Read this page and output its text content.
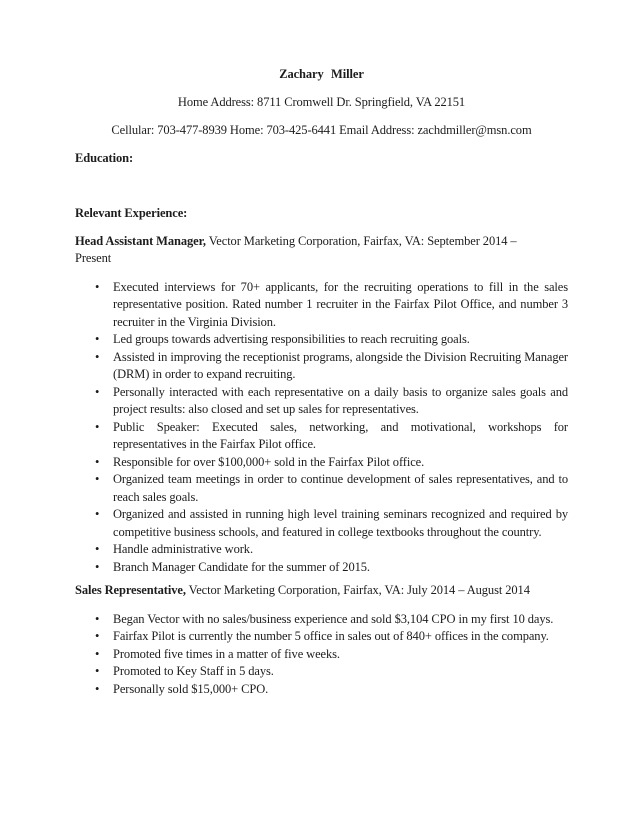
Zachary Miller

Home Address: 8711 Cromwell Dr. Springfield, VA 22151

Cellular: 703-477-8939 Home: 703-425-6441 Email Address: zachdmiller@msn.com

Education:

Relevant Experience:

Head Assistant Manager, Vector Marketing Corporation, Fairfax, VA: September 2014 – Present

• Executed interviews for 70+ applicants, for the recruiting operations to fill in the sales representative position. Rated number 1 recruiter in the Fairfax Pilot Office, and number 3 recruiter in the Virginia Division.
• Led groups towards advertising responsibilities to reach recruiting goals.
• Assisted in improving the receptionist programs, alongside the Division Recruiting Manager (DRM) in order to expand recruiting.
• Personally interacted with each representative on a daily basis to organize sales goals and project results: also closed and set up sales for representatives.
• Public Speaker: Executed sales, networking, and motivational, workshops for representatives in the Fairfax Pilot office.
• Responsible for over $100,000+ sold in the Fairfax Pilot office.
• Organized team meetings in order to continue development of sales representatives, and to reach sales goals.
• Organized and assisted in running high level training seminars recognized and required by competitive business schools, and featured in college textbooks throughout the country.
• Handle administrative work.
• Branch Manager Candidate for the summer of 2015.

Sales Representative, Vector Marketing Corporation, Fairfax, VA: July 2014 – August 2014

• Began Vector with no sales/business experience and sold $3,104 CPO in my first 10 days.
• Fairfax Pilot is currently the number 5 office in sales out of 840+ offices in the company.
• Promoted five times in a matter of five weeks.
• Promoted to Key Staff in 5 days.
• Personally sold $15,000+ CPO.
